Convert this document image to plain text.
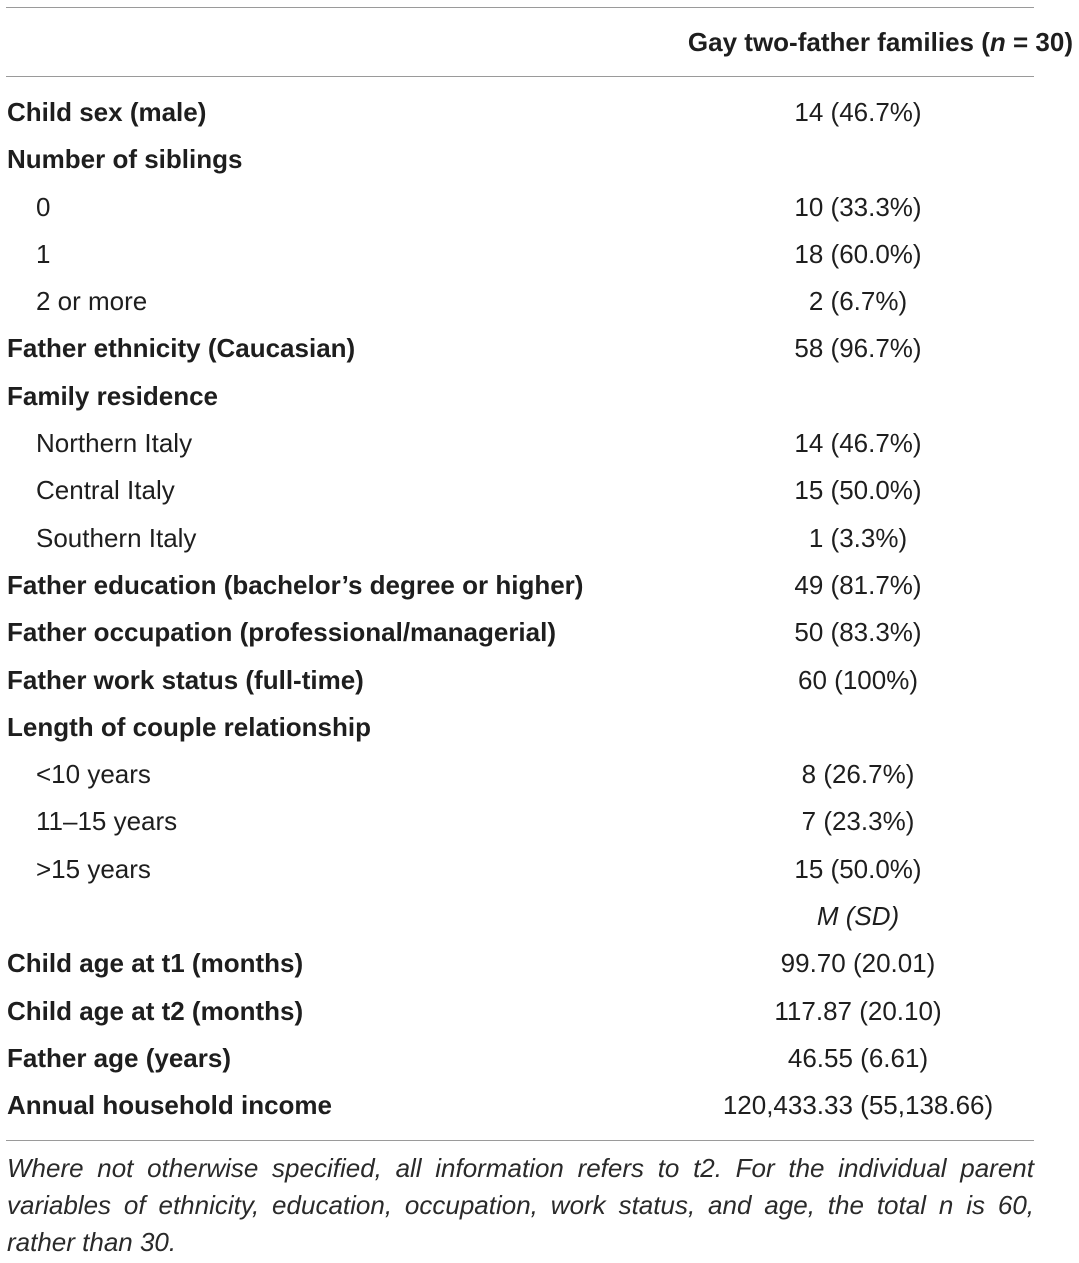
Gay two-father families (n = 30)
Child sex (male)	14 (46.7%)
Number of siblings
0	10 (33.3%)
1	18 (60.0%)
2 or more	2 (6.7%)
Father ethnicity (Caucasian)	58 (96.7%)
Family residence
Northern Italy	14 (46.7%)
Central Italy	15 (50.0%)
Southern Italy	1 (3.3%)
Father education (bachelor’s degree or higher)	49 (81.7%)
Father occupation (professional/managerial)	50 (83.3%)
Father work status (full-time)	60 (100%)
Length of couple relationship
<10 years	8 (26.7%)
11–15 years	7 (23.3%)
>15 years	15 (50.0%)
M (SD)
Child age at t1 (months)	99.70 (20.01)
Child age at t2 (months)	117.87 (20.10)
Father age (years)	46.55 (6.61)
Annual household income	120,433.33 (55,138.66)
Where not otherwise specified, all information refers to t2. For the individual parent variables of ethnicity, education, occupation, work status, and age, the total n is 60, rather than 30.
